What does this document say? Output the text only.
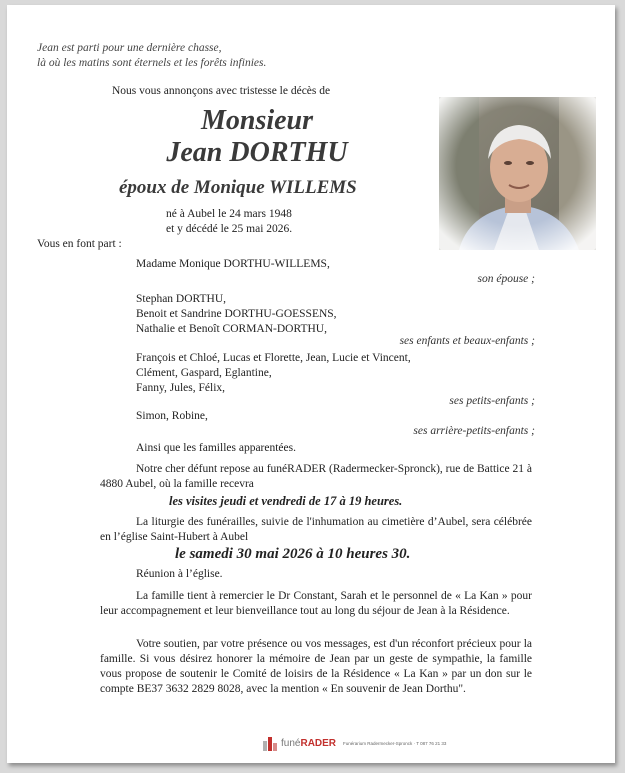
Jean est parti pour une dernière chasse,
là où les matins sont éternels et les forêts infinies.
Nous vous annonçons avec tristesse le décès de
Monsieur
Jean DORTHU
époux de Monique WILLEMS
né à Aubel le 24 mars 1948
et y décédé le 25 mai 2026.
Vous en font part :
Madame Monique DORTHU-WILLEMS,
son épouse ;
Stephan DORTHU,
Benoit et Sandrine DORTHU-GOESSENS,
Nathalie et Benoît CORMAN-DORTHU,
ses enfants et beaux-enfants ;
François et Chloé, Lucas et Florette, Jean, Lucie et Vincent,
Clément, Gaspard, Eglantine,
Fanny, Jules, Félix,
ses petits-enfants ;
Simon, Robine,
ses arrière-petits-enfants ;
Ainsi que les familles apparentées.
Notre cher défunt repose au funéRADER (Radermecker-Spronck), rue de Battice 21 à 4880 Aubel, où la famille recevra
les visites jeudi et vendredi de 17 à 19 heures.
La liturgie des funérailles, suivie de l'inhumation au cimetière d’Aubel, sera célébrée en l’église Saint-Hubert à Aubel
le samedi 30 mai 2026 à 10 heures 30.
Réunion à l’église.
La famille tient à remercier le Dr Constant, Sarah et le personnel de « La Kan » pour leur accompagnement et leur bienveillance tout au long du séjour de Jean à la Résidence.
Votre soutien, par votre présence ou vos messages, est d'un réconfort précieux pour la famille. Si vous désirez honorer la mémoire de Jean par un geste de sympathie, la famille vous propose de soutenir le Comité de loisirs de la Résidence « La Kan » par un don sur le compte BE37 3632 2829 8028, avec la mention « En souvenir de Jean Dorthu".
funéRADER Funérarium Radermecker-Spronck · T 087 76 21 33
